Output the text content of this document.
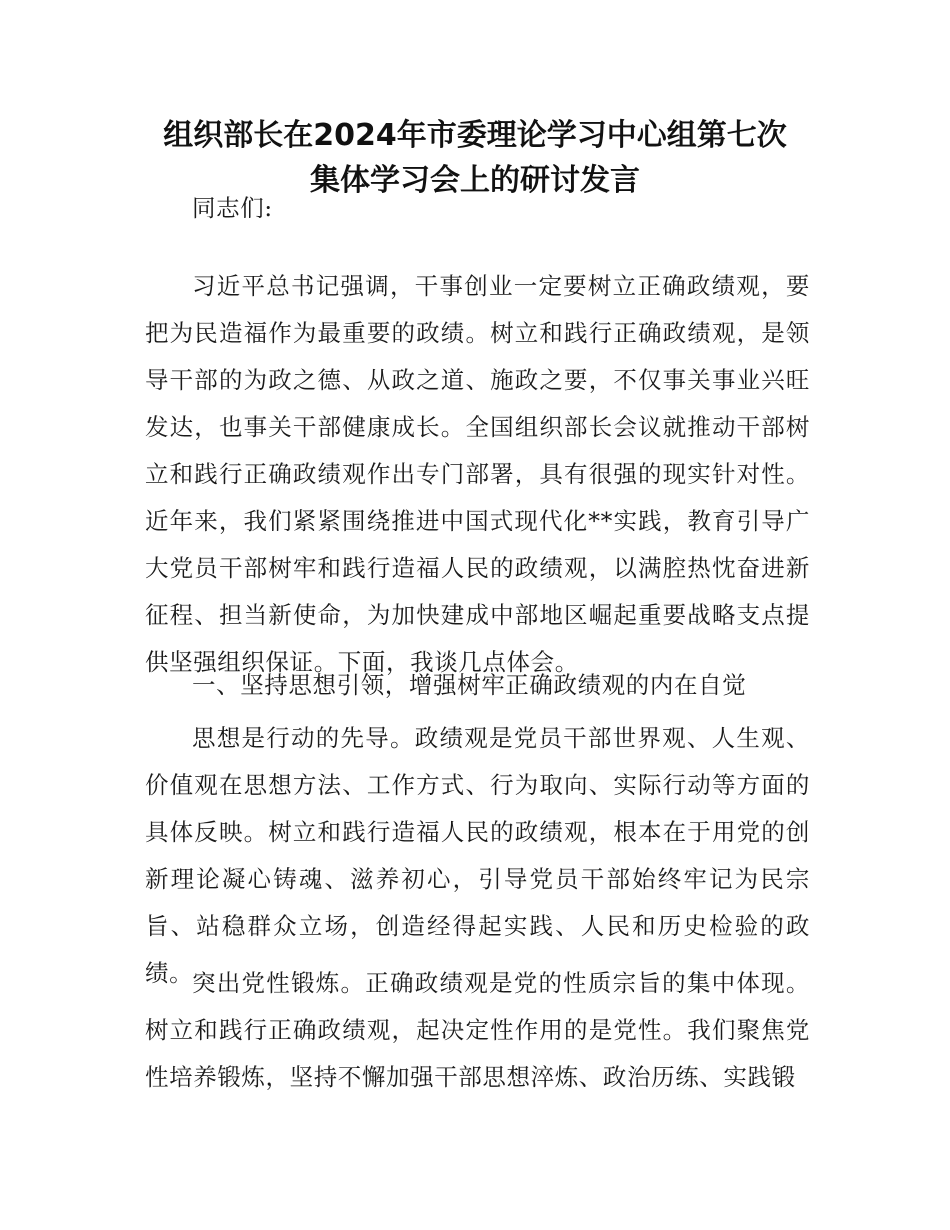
组织部长在2024年市委理论学习中心组第七次
集体学习会上的研讨发言

同志们:

习近平总书记强调，干事创业一定要树立正确政绩观，要把为民造福作为最重要的政绩。树立和践行正确政绩观，是领导干部的为政之德、从政之道、施政之要，不仅事关事业兴旺发达，也事关干部健康成长。全国组织部长会议就推动干部树立和践行正确政绩观作出专门部署，具有很强的现实针对性。近年来，我们紧紧围绕推进中国式现代化**实践，教育引导广大党员干部树牢和践行造福人民的政绩观，以满腔热忱奋进新征程、担当新使命，为加快建成中部地区崛起重要战略支点提供坚强组织保证。下面，我谈几点体会。

一、坚持思想引领，增强树牢正确政绩观的内在自觉

思想是行动的先导。政绩观是党员干部世界观、人生观、价值观在思想方法、工作方式、行为取向、实际行动等方面的具体反映。树立和践行造福人民的政绩观，根本在于用党的创新理论凝心铸魂、滋养初心，引导党员干部始终牢记为民宗旨、站稳群众立场，创造经得起实践、人民和历史检验的政绩。

突出党性锻炼。正确政绩观是党的性质宗旨的集中体现。树立和践行正确政绩观，起决定性作用的是党性。我们聚焦党性培养锻炼，坚持不懈加强干部思想淬炼、政治历练、实践锻
